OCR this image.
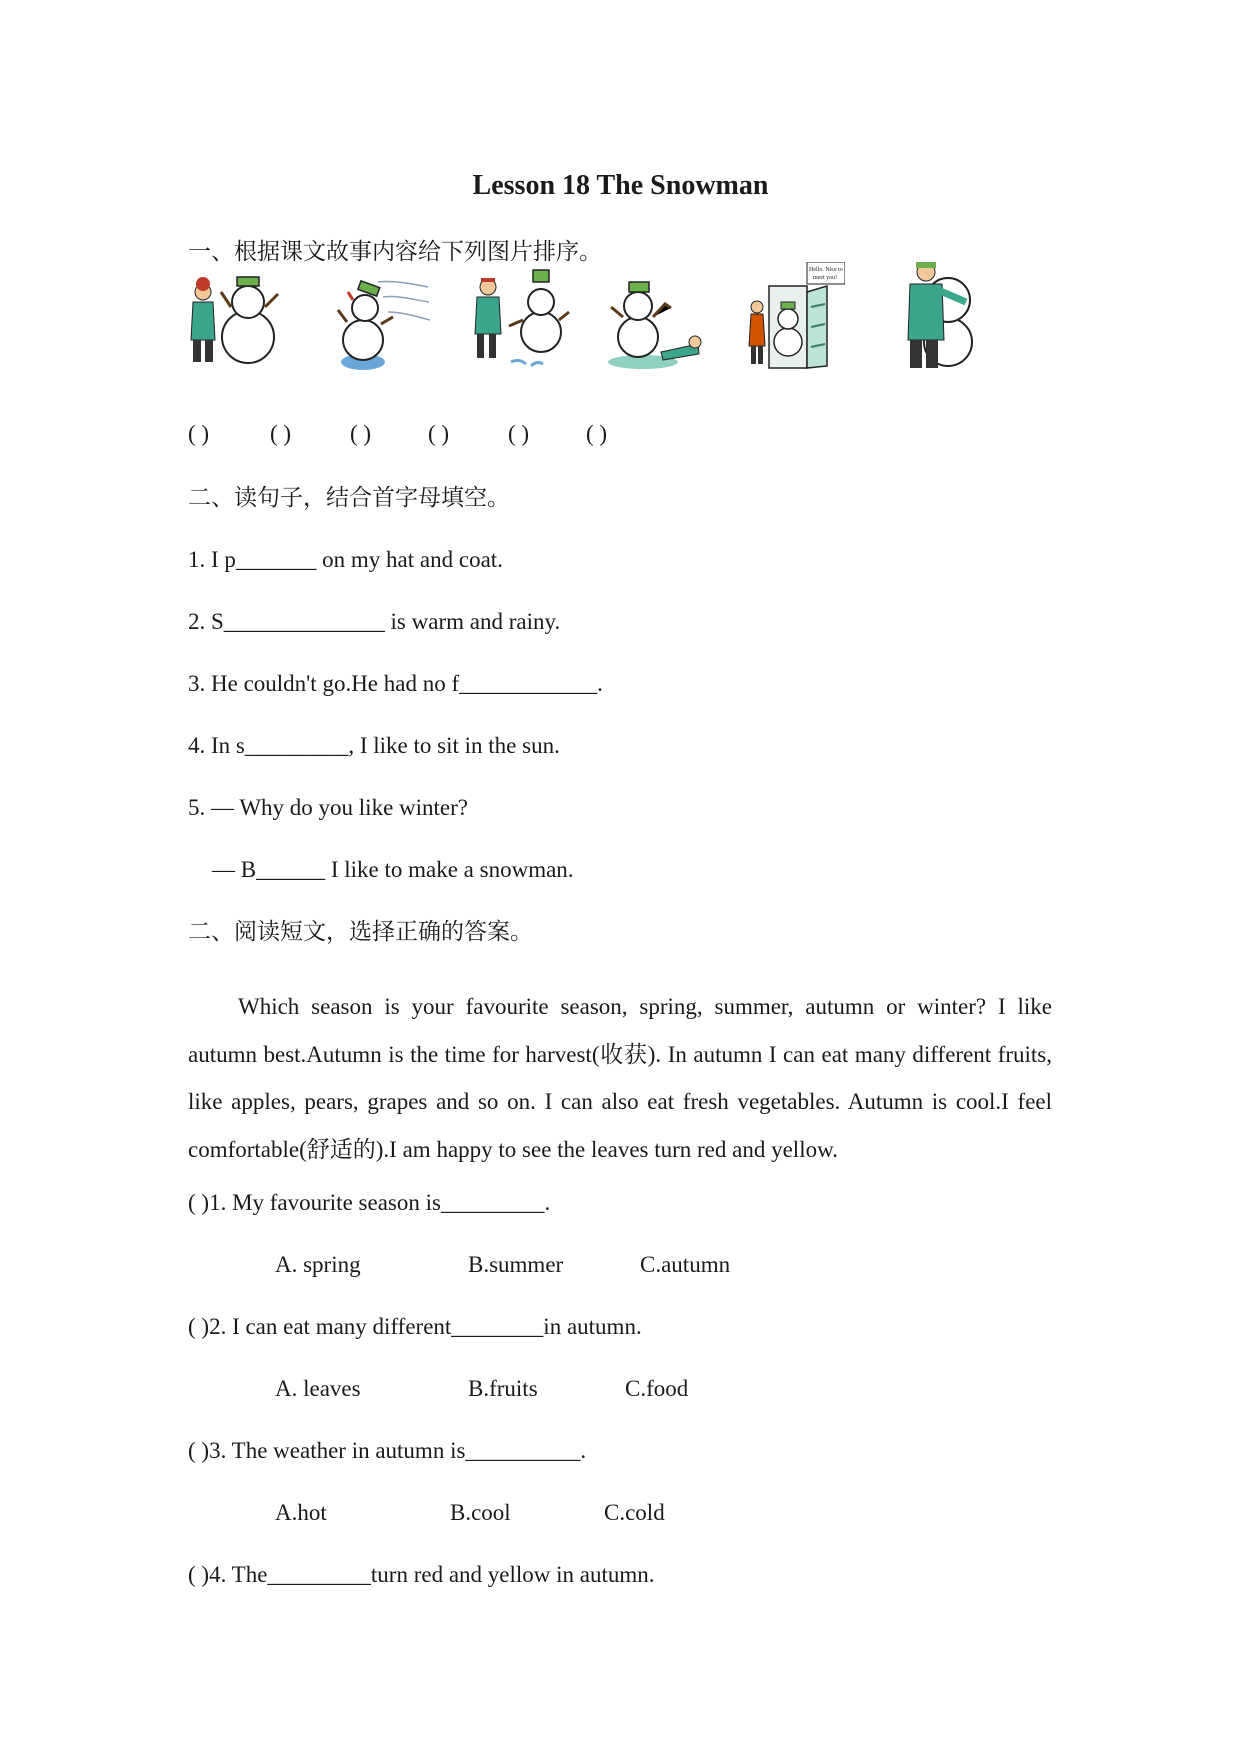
Lesson 18 The Snowman
一、根据课文故事内容给下列图片排序。
Hello. Nice to
meet you!
( )	( )	( ) ( )	( ) ( )
二、读句子，结合首字母填空。
1. I p_______ on my hat and coat.
2. S______________ is warm and rainy.
3. He couldn't go.He had no f____________.
4. In s_________, I like to sit in the sun.
5. — Why do you like winter?
— B______ I like to make a snowman.
二、阅读短文，选择正确的答案。
Which season is your favourite season, spring, summer, autumn or winter? I like autumn best.Autumn is the time for harvest(收获). In autumn I can eat many different fruits, like apples, pears, grapes and so on. I can also eat fresh vegetables. Autumn is cool.I feel comfortable(舒适的).I am happy to see the leaves turn red and yellow.
( )1. My favourite season is_________.
A. spring	B.summer	C.autumn
( )2. I can eat many different________in autumn.
A. leaves	B.fruits	C.food
( )3. The weather in autumn is__________.
A.hot	B.cool	C.cold
( )4. The_________turn red and yellow in autumn.
